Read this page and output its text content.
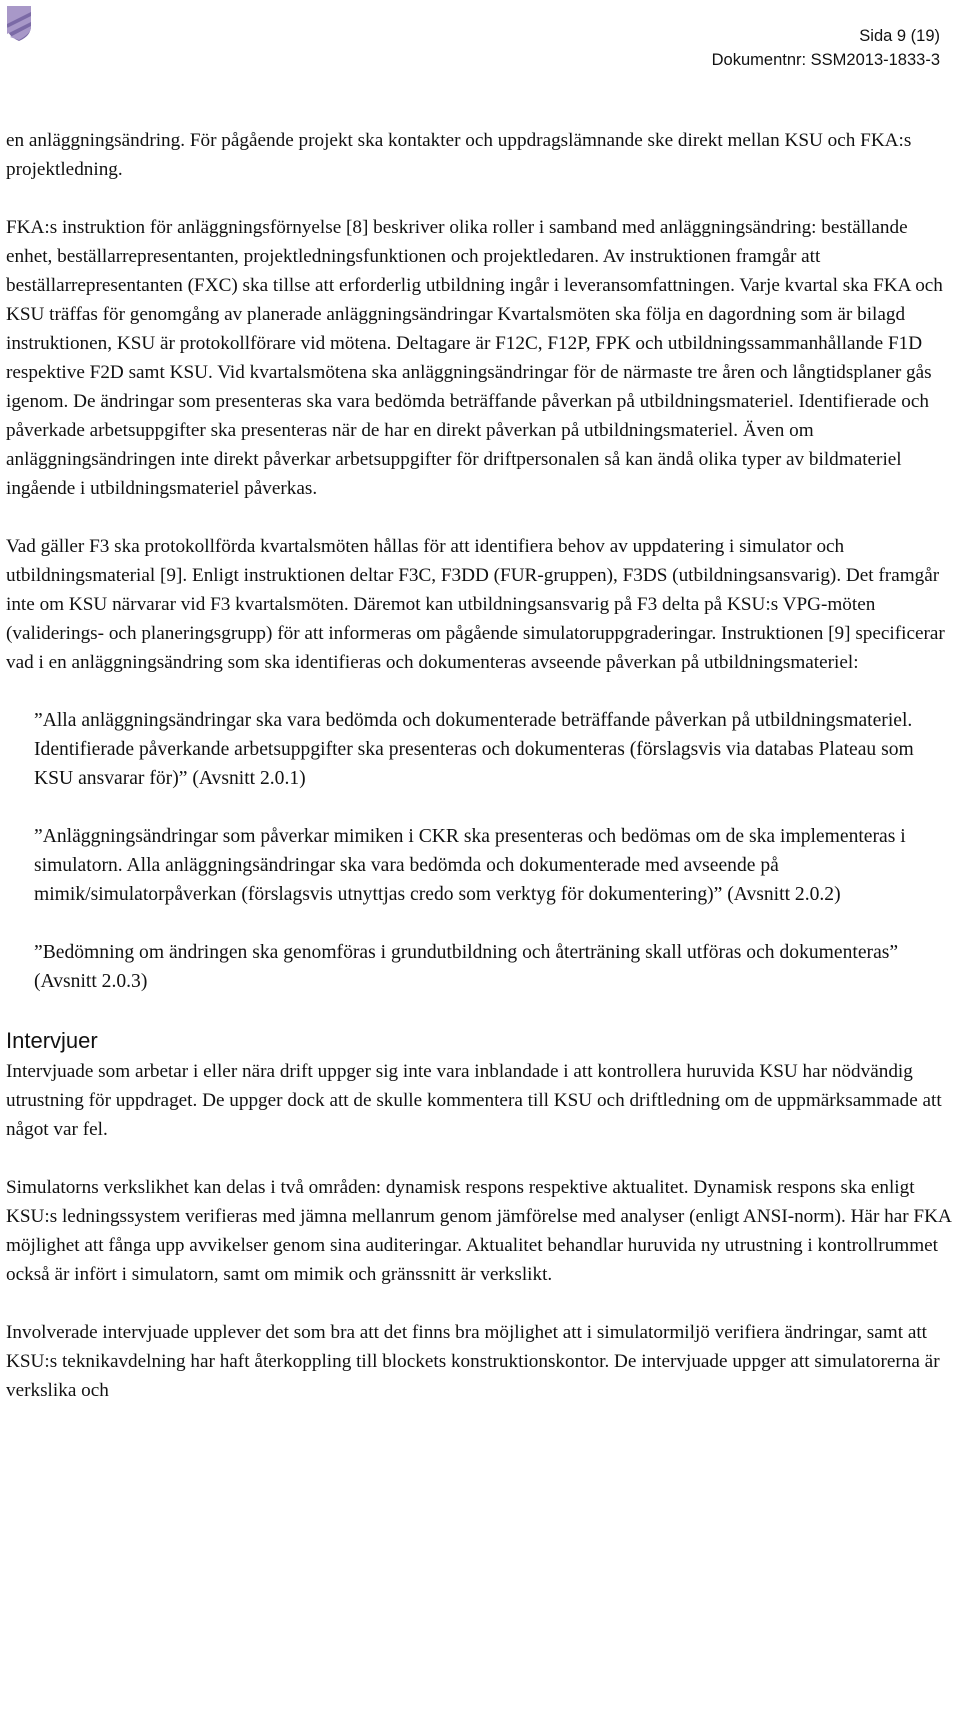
Sida 9 (19)
Dokumentnr: SSM2013-1833-3

en anläggningsändring. För pågående projekt ska kontakter och uppdragslämnande ske direkt mellan KSU och FKA:s projektledning.

FKA:s instruktion för anläggningsförnyelse [8] beskriver olika roller i samband med anläggningsändring: beställande enhet, beställarrepresentanten, projektledningsfunktionen och projektledaren. Av instruktionen framgår att beställarrepresentanten (FXC) ska tillse att erforderlig utbildning ingår i leveransomfattningen. Varje kvartal ska FKA och KSU träffas för genomgång av planerade anläggningsändringar Kvartalsmöten ska följa en dagordning som är bilagd instruktionen, KSU är protokollförare vid mötena. Deltagare är F12C, F12P, FPK och utbildningssammanhållande F1D respektive F2D samt KSU. Vid kvartalsmötena ska anläggningsändringar för de närmaste tre åren och långtidsplaner gås igenom. De ändringar som presenteras ska vara bedömda beträffande påverkan på utbildningsmateriel. Identifierade och påverkade arbetsuppgifter ska presenteras när de har en direkt påverkan på utbildningsmateriel. Även om anläggningsändringen inte direkt påverkar arbetsuppgifter för driftpersonalen så kan ändå olika typer av bildmateriel ingående i utbildningsmateriel påverkas.

Vad gäller F3 ska protokollförda kvartalsmöten hållas för att identifiera behov av uppdatering i simulator och utbildningsmaterial [9]. Enligt instruktionen deltar F3C, F3DD (FUR-gruppen), F3DS (utbildningsansvarig). Det framgår inte om KSU närvarar vid F3 kvartalsmöten. Däremot kan utbildningsansvarig på F3 delta på KSU:s VPG-möten (validerings- och planeringsgrupp) för att informeras om pågående simulatoruppgraderingar. Instruktionen [9] specificerar vad i en anläggningsändring som ska identifieras och dokumenteras avseende påverkan på utbildningsmateriel:

”Alla anläggningsändringar ska vara bedömda och dokumenterade beträffande påverkan på utbildningsmateriel. Identifierade påverkande arbetsuppgifter ska presenteras och dokumenteras (förslagsvis via databas Plateau som KSU ansvarar för)” (Avsnitt 2.0.1)

”Anläggningsändringar som påverkar mimiken i CKR ska presenteras och bedömas om de ska implementeras i simulatorn. Alla anläggningsändringar ska vara bedömda och dokumenterade med avseende på mimik/simulatorpåverkan (förslagsvis utnyttjas credo som verktyg för dokumentering)” (Avsnitt 2.0.2)

”Bedömning om ändringen ska genomföras i grundutbildning och återträning skall utföras och dokumenteras” (Avsnitt 2.0.3)

Intervjuer

Intervjuade som arbetar i eller nära drift uppger sig inte vara inblandade i att kontrollera huruvida KSU har nödvändig utrustning för uppdraget. De uppger dock att de skulle kommentera till KSU och driftledning om de uppmärksammade att något var fel.

Simulatorns verkslikhet kan delas i två områden: dynamisk respons respektive aktualitet. Dynamisk respons ska enligt KSU:s ledningssystem verifieras med jämna mellanrum genom jämförelse med analyser (enligt ANSI-norm). Här har FKA möjlighet att fånga upp avvikelser genom sina auditeringar. Aktualitet behandlar huruvida ny utrustning i kontrollrummet också är infört i simulatorn, samt om mimik och gränssnitt är verkslikt.

Involverade intervjuade upplever det som bra att det finns bra möjlighet att i simulatormiljö verifiera ändringar, samt att KSU:s teknikavdelning har haft återkoppling till blockets konstruktionskontor. De intervjuade uppger att simulatorerna är verkslika och
